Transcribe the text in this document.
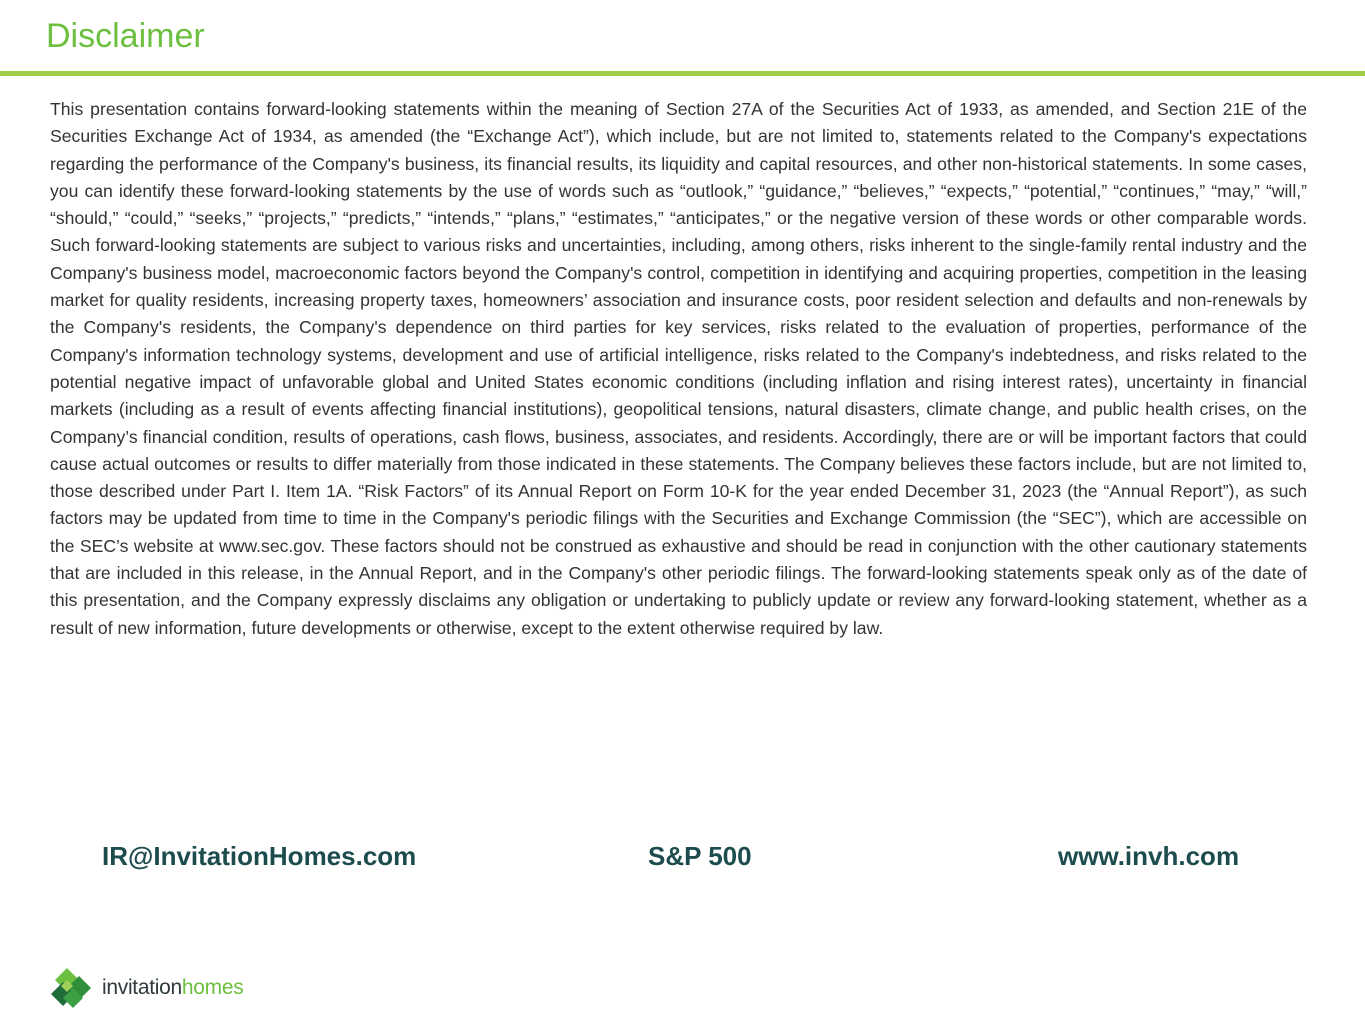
Disclaimer

This presentation contains forward-looking statements within the meaning of Section 27A of the Securities Act of 1933, as amended, and Section 21E of the Securities Exchange Act of 1934, as amended (the “Exchange Act”), which include, but are not limited to, statements related to the Company's expectations regarding the performance of the Company's business, its financial results, its liquidity and capital resources, and other non-historical statements. In some cases, you can identify these forward-looking statements by the use of words such as “outlook,” “guidance,” “believes,” “expects,” “potential,” “continues,” “may,” “will,” “should,” “could,” “seeks,” “projects,” “predicts,” “intends,” “plans,” “estimates,” “anticipates,” or the negative version of these words or other comparable words. Such forward-looking statements are subject to various risks and uncertainties, including, among others, risks inherent to the single-family rental industry and the Company's business model, macroeconomic factors beyond the Company's control, competition in identifying and acquiring properties, competition in the leasing market for quality residents, increasing property taxes, homeowners’ association and insurance costs, poor resident selection and defaults and non-renewals by the Company's residents, the Company's dependence on third parties for key services, risks related to the evaluation of properties, performance of the Company's information technology systems, development and use of artificial intelligence, risks related to the Company's indebtedness, and risks related to the potential negative impact of unfavorable global and United States economic conditions (including inflation and rising interest rates), uncertainty in financial markets (including as a result of events affecting financial institutions), geopolitical tensions, natural disasters, climate change, and public health crises, on the Company’s financial condition, results of operations, cash flows, business, associates, and residents. Accordingly, there are or will be important factors that could cause actual outcomes or results to differ materially from those indicated in these statements. The Company believes these factors include, but are not limited to, those described under Part I. Item 1A. “Risk Factors” of its Annual Report on Form 10-K for the year ended December 31, 2023 (the “Annual Report”), as such factors may be updated from time to time in the Company's periodic filings with the Securities and Exchange Commission (the “SEC”), which are accessible on the SEC’s website at www.sec.gov. These factors should not be construed as exhaustive and should be read in conjunction with the other cautionary statements that are included in this release, in the Annual Report, and in the Company's other periodic filings. The forward-looking statements speak only as of the date of this presentation, and the Company expressly disclaims any obligation or undertaking to publicly update or review any forward-looking statement, whether as a result of new information, future developments or otherwise, except to the extent otherwise required by law.

IR@InvitationHomes.com	S&P 500	www.invh.com
invitationhomes
